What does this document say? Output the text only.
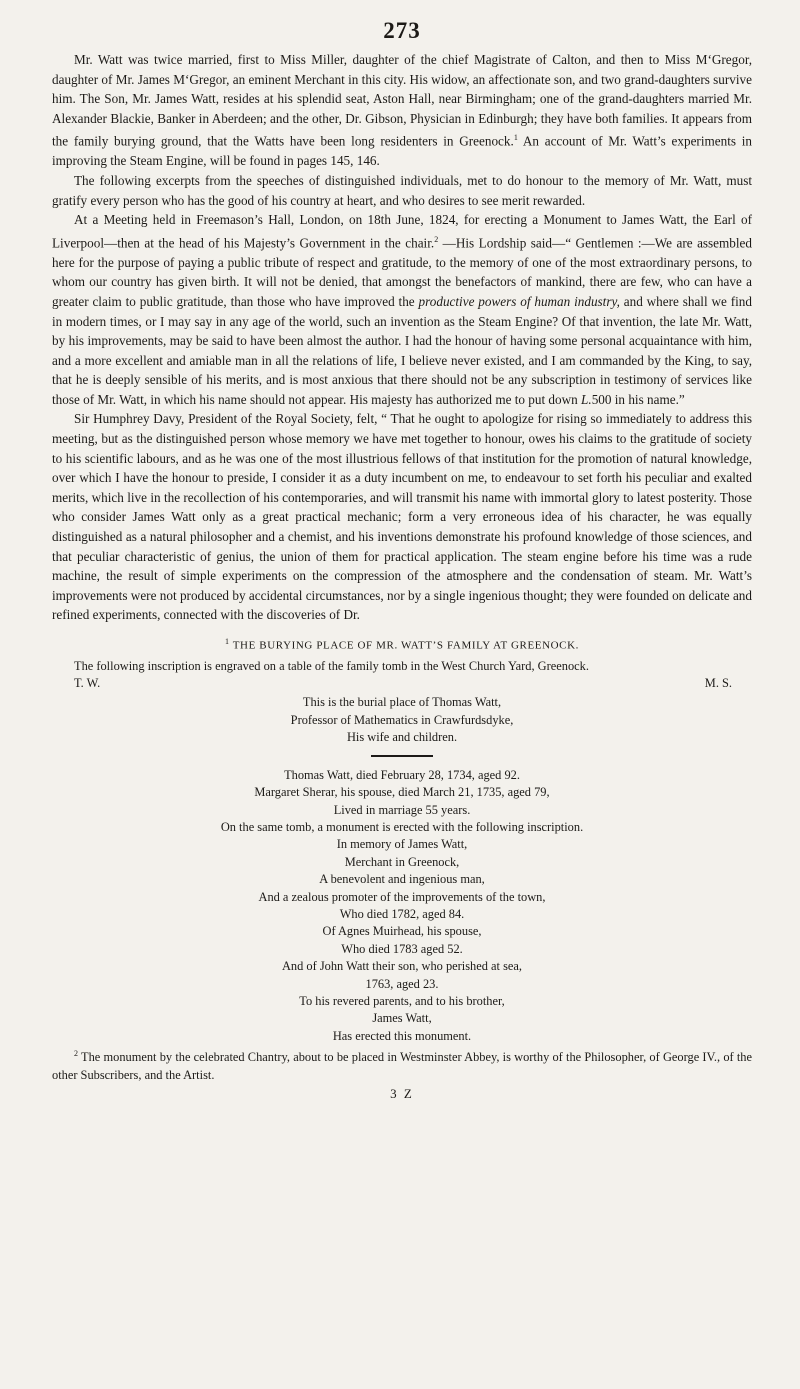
273

Mr. Watt was twice married, first to Miss Miller, daughter of the chief Magistrate of Calton, and then to Miss M‘Gregor, daughter of Mr. James M‘Gregor, an eminent Merchant in this city. His widow, an affectionate son, and two grand-daughters survive him. The Son, Mr. James Watt, resides at his splendid seat, Aston Hall, near Birmingham; one of the grand-daughters married Mr. Alexander Blackie, Banker in Aberdeen; and the other, Dr. Gibson, Physician in Edinburgh; they have both families. It appears from the family burying ground, that the Watts have been long residenters in Greenock.$^1$ An account of Mr. Watt’s experiments in improving the Steam Engine, will be found in pages 145, 146.

The following excerpts from the speeches of distinguished individuals, met to do honour to the memory of Mr. Watt, must gratify every person who has the good of his country at heart, and who desires to see merit rewarded.

At a Meeting held in Freemason’s Hall, London, on 18th June, 1824, for erecting a Monument to James Watt, the Earl of Liverpool—then at the head of his Majesty’s Government in the chair.$^2$ —His Lordship said—“ Gentlemen :—We are assembled here for the purpose of paying a public tribute of respect and gratitude, to the memory of one of the most extraordinary persons, to whom our country has given birth. It will not be denied, that amongst the benefactors of mankind, there are few, who can have a greater claim to public gratitude, than those who have improved the productive powers of human industry, and where shall we find in modern times, or I may say in any age of the world, such an invention as the Steam Engine? Of that invention, the late Mr. Watt, by his improvements, may be said to have been almost the author. I had the honour of having some personal acquaintance with him, and a more excellent and amiable man in all the relations of life, I believe never existed, and I am commanded by the King, to say, that he is deeply sensible of his merits, and is most anxious that there should not be any subscription in testimony of services like those of Mr. Watt, in which his name should not appear. His majesty has authorized me to put down L.500 in his name.”

Sir Humphrey Davy, President of the Royal Society, felt, “ That he ought to apologize for rising so immediately to address this meeting, but as the distinguished person whose memory we have met together to honour, owes his claims to the gratitude of society to his scientific labours, and as he was one of the most illustrious fellows of that institution for the promotion of natural knowledge, over which I have the honour to preside, I consider it as a duty incumbent on me, to endeavour to set forth his peculiar and exalted merits, which live in the recollection of his contemporaries, and will transmit his name with immortal glory to latest posterity. Those who consider James Watt only as a great practical mechanic; form a very erroneous idea of his character, he was equally distinguished as a natural philosopher and a chemist, and his inventions demonstrate his profound knowledge of those sciences, and that peculiar characteristic of genius, the union of them for practical application. The steam engine before his time was a rude machine, the result of simple experiments on the compression of the atmosphere and the condensation of steam. Mr. Watt’s improvements were not produced by accidental circumstances, nor by a single ingenious thought; they were founded on delicate and refined experiments, connected with the discoveries of Dr.

$^1$ THE BURYING PLACE OF MR. WATT’S FAMILY AT GREENOCK.

The following inscription is engraved on a table of the family tomb in the West Church Yard, Greenock.

T. W.	M. S.

This is the burial place of Thomas Watt,

Professor of Mathematics in Crawfurdsdyke,

His wife and children.

Thomas Watt, died February 28, 1734, aged 92.

Margaret Sherar, his spouse, died March 21, 1735, aged 79,

Lived in marriage 55 years.

On the same tomb, a monument is erected with the following inscription.

In memory of James Watt,

Merchant in Greenock,

A benevolent and ingenious man,

And a zealous promoter of the improvements of the town,

Who died 1782, aged 84.

Of Agnes Muirhead, his spouse,

Who died 1783 aged 52.

And of John Watt their son, who perished at sea,

1763, aged 23.

To his revered parents, and to his brother,

James Watt,

Has erected this monument.

$^2$ The monument by the celebrated Chantry, about to be placed in Westminster Abbey, is worthy of the Philosopher, of George IV., of the other Subscribers, and the Artist.

3 Z
